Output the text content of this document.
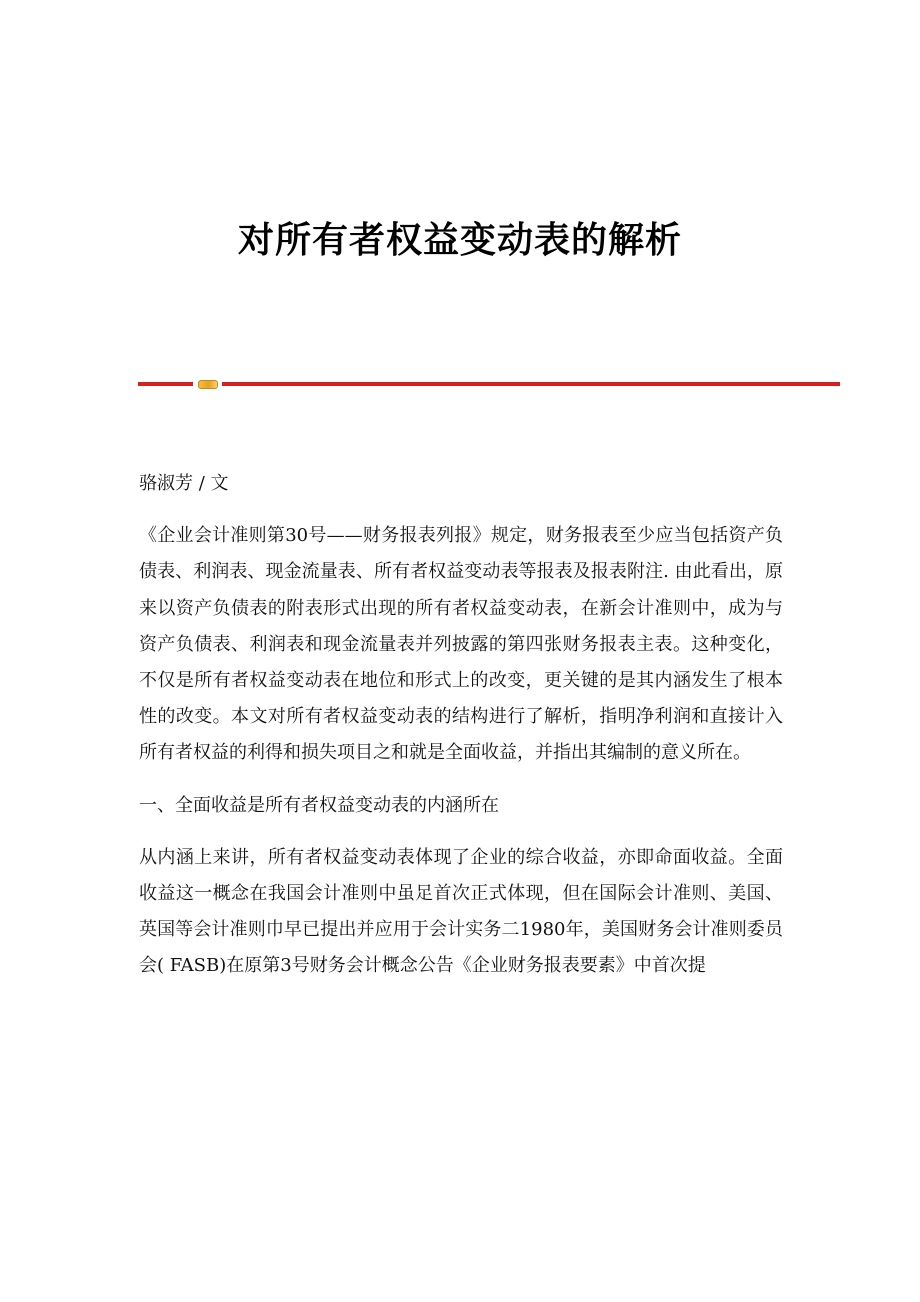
对所有者权益变动表的解析

骆淑芳 / 文

《企业会计准则第30号——财务报表列报》规定，财务报表至少应当包括资产负债表、利润表、现金流量表、所有者权益变动表等报表及报表附注. 由此看出，原来以资产负债表的附表形式出现的所有者权益变动表，在新会计准则中，成为与资产负债表、利润表和现金流量表并列披露的第四张财务报表主表。这种变化，不仅是所有者权益变动表在地位和形式上的改变，更关键的是其内涵发生了根本性的改变。本文对所有者权益变动表的结构进行了解析，指明净利润和直接计入所有者权益的利得和损失项目之和就是全面收益，并指出其编制的意义所在。

一、全面收益是所有者权益变动表的内涵所在

从内涵上来讲，所有者权益变动表体现了企业的综合收益，亦即命面收益。全面收益这一概念在我国会计准则中虽足首次正式体现，但在国际会计准则、美国、英国等会计准则巾早已提出并应用于会计实务二1980年，美国财务会计准则委员会( FASB)在原第3号财务会计概念公告《企业财务报表要素》中首次提
